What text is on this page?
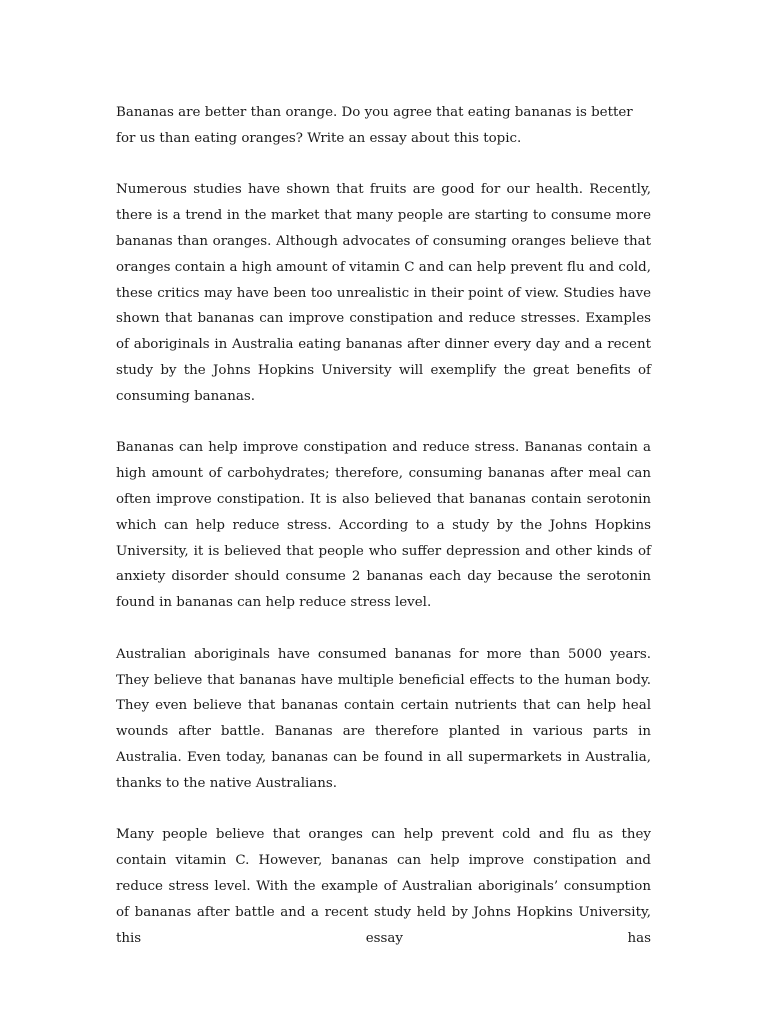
Bananas are better than orange. Do you agree that eating bananas is better for us than eating oranges? Write an essay about this topic.

Numerous studies have shown that fruits are good for our health. Recently, there is a trend in the market that many people are starting to consume more bananas than oranges. Although advocates of consuming oranges believe that oranges contain a high amount of vitamin C and can help prevent flu and cold, these critics may have been too unrealistic in their point of view. Studies have shown that bananas can improve constipation and reduce stresses. Examples of aboriginals in Australia eating bananas after dinner every day and a recent study by the Johns Hopkins University will exemplify the great benefits of consuming bananas.

Bananas can help improve constipation and reduce stress. Bananas contain a high amount of carbohydrates; therefore, consuming bananas after meal can often improve constipation. It is also believed that bananas contain serotonin which can help reduce stress. According to a study by the Johns Hopkins University, it is believed that people who suffer depression and other kinds of anxiety disorder should consume 2 bananas each day because the serotonin found in bananas can help reduce stress level.

Australian aboriginals have consumed bananas for more than 5000 years. They believe that bananas have multiple beneficial effects to the human body. They even believe that bananas contain certain nutrients that can help heal wounds after battle. Bananas are therefore planted in various parts in Australia. Even today, bananas can be found in all supermarkets in Australia, thanks to the native Australians.

Many people believe that oranges can help prevent cold and flu as they contain vitamin C. However, bananas can help improve constipation and reduce stress level. With the example of Australian aboriginals’ consumption of bananas after battle and a recent study held by Johns Hopkins University, this essay has
